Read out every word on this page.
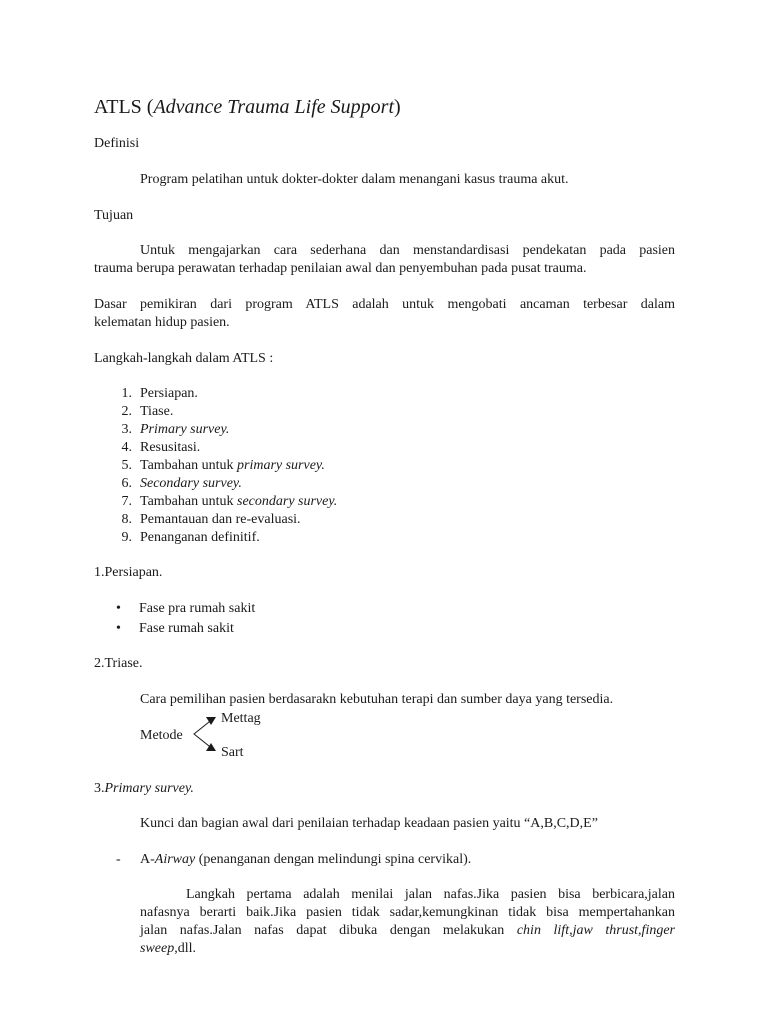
ATLS (Advance Trauma Life Support)
Definisi
Program pelatihan untuk dokter-dokter dalam menangani kasus trauma akut.
Tujuan
Untuk mengajarkan cara sederhana dan menstandardisasi pendekatan pada pasien
trauma berupa perawatan terhadap penilaian awal dan penyembuhan pada pusat trauma.
Dasar pemikiran dari program ATLS adalah untuk mengobati ancaman terbesar dalam
kelematan hidup pasien.
Langkah-langkah dalam ATLS :
1. Persiapan.
2. Tiase.
3. Primary survey.
4. Resusitasi.
5. Tambahan untuk primary survey.
6. Secondary survey.
7. Tambahan untuk secondary survey.
8. Pemantauan dan re-evaluasi.
9. Penanganan definitif.
1.Persiapan.
• Fase pra rumah sakit
• Fase rumah sakit
2.Triase.
Cara pemilihan pasien berdasarakn kebutuhan terapi dan sumber daya yang tersedia.
Mettag
Metode
Sart
3.Primary survey.
Kunci dan bagian awal dari penilaian terhadap keadaan pasien yaitu “A,B,C,D,E”
- A-Airway (penanganan dengan melindungi spina cervikal).
Langkah pertama adalah menilai jalan nafas.Jika pasien bisa berbicara,jalan
nafasnya berarti baik.Jika pasien tidak sadar,kemungkinan tidak bisa mempertahankan
jalan nafas.Jalan nafas dapat dibuka dengan melakukan chin lift,jaw thrust,finger
sweep,dll.
